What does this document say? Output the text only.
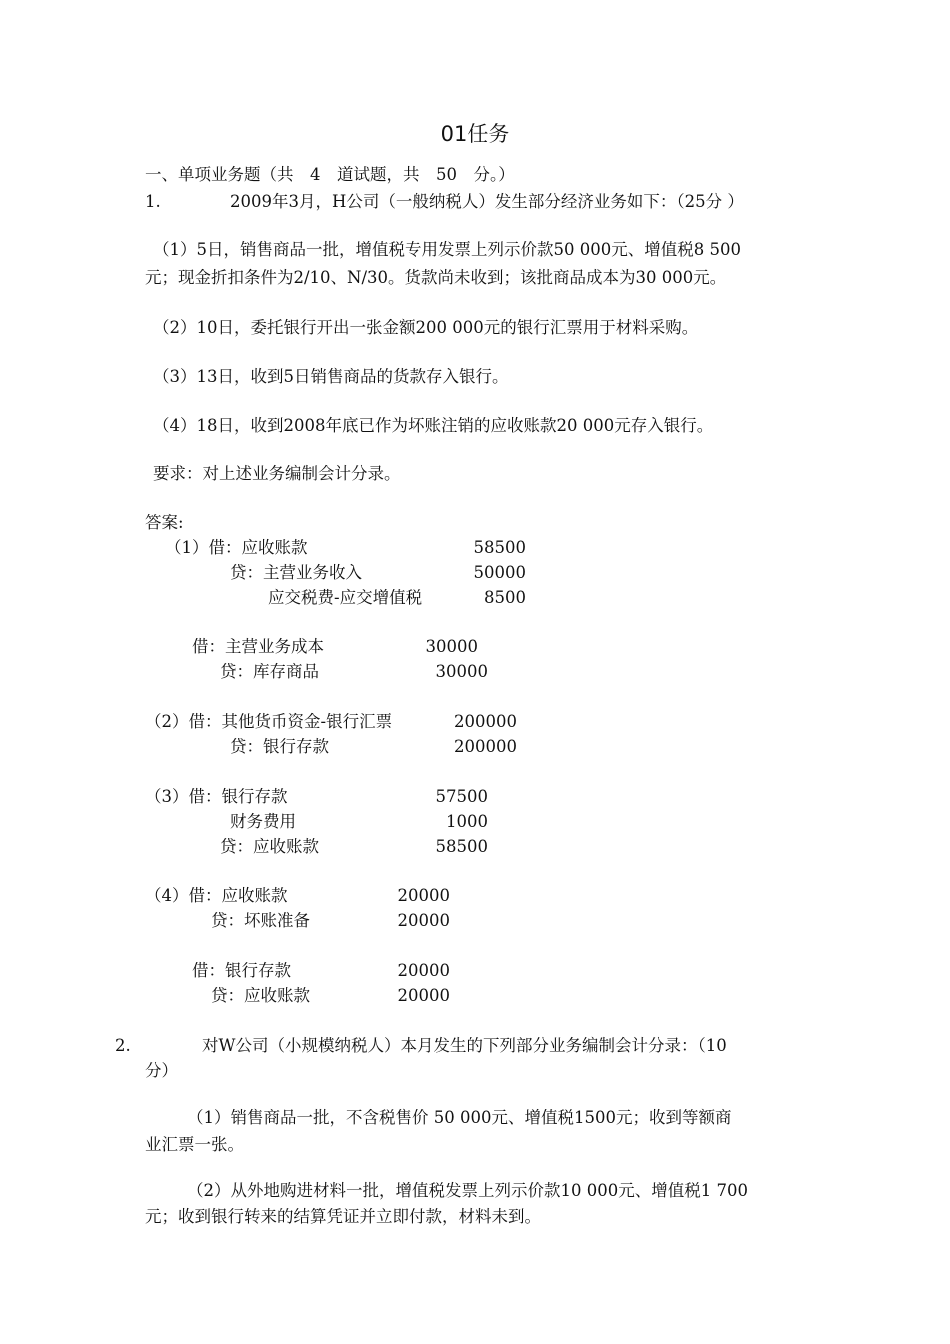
01任务
一、单项业务题（共　4　道试题，共　50　分。）
1.	2009年3月，H公司（一般纳税人）发生部分经济业务如下：（25分 ）
（1）5日，销售商品一批，增值税专用发票上列示价款50 000元、增值税8 500
元；现金折扣条件为2/10、N/30。货款尚未收到；该批商品成本为30 000元。
（2）10日，委托银行开出一张金额200 000元的银行汇票用于材料采购。
（3）13日，收到5日销售商品的货款存入银行。
（4）18日，收到2008年底已作为坏账注销的应收账款20 000元存入银行。
要求：对上述业务编制会计分录。
答案:
（1）借：应收账款	58500
贷：主营业务收入	50000
应交税费-应交增值税	8500
借：主营业务成本	30000
贷：库存商品	30000
（2）借：其他货币资金-银行汇票	200000
贷：银行存款	200000
（3）借：银行存款	57500
财务费用	1000
贷：应收账款	58500
（4）借：应收账款	20000
贷：坏账准备	20000
借：银行存款	20000
贷：应收账款	20000
2.	对W公司（小规模纳税人）本月发生的下列部分业务编制会计分录：（10
分）
（1）销售商品一批，不含税售价 50 000元、增值税1500元；收到等额商
业汇票一张。
（2）从外地购进材料一批，增值税发票上列示价款10 000元、增值税1 700
元；收到银行转来的结算凭证并立即付款，材料未到。
